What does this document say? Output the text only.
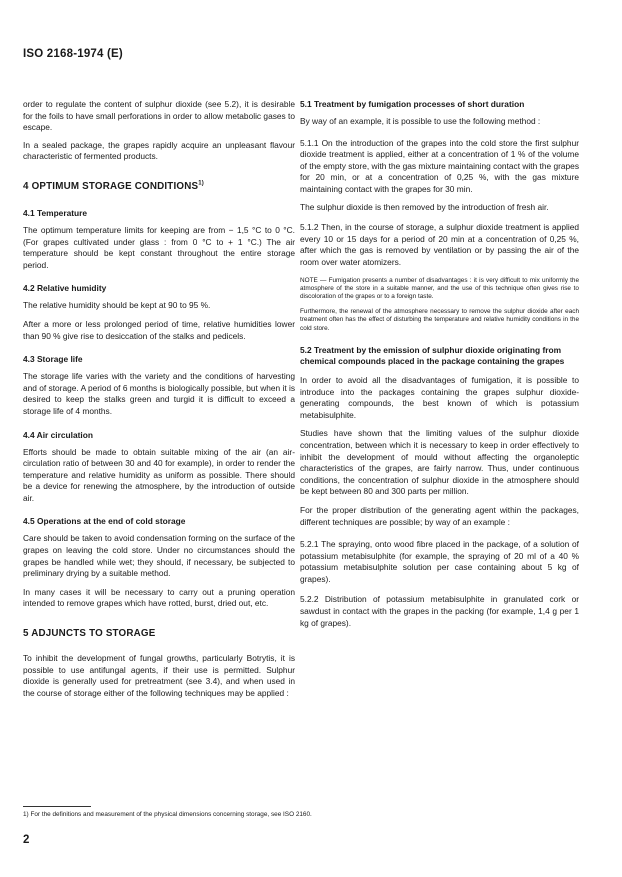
ISO 2168-1974 (E)

order to regulate the content of sulphur dioxide (see 5.2), it is desirable for the foils to have small perforations in order to allow metabolic gases to escape.

In a sealed package, the grapes rapidly acquire an unpleasant flavour characteristic of fermented products.

4 OPTIMUM STORAGE CONDITIONS$^{1)}$
4.1 Temperature

The optimum temperature limits for keeping are from − 1,5 °C to 0 °C. (For grapes cultivated under glass : from 0 °C to + 1 °C.) The air temperature should be kept constant throughout the entire storage period.

4.2 Relative humidity

The relative humidity should be kept at 90 to 95 %.

After a more or less prolonged period of time, relative humidities lower than 90 % give rise to desiccation of the stalks and pedicels.

4.3 Storage life

The storage life varies with the variety and the conditions of harvesting and of storage. A period of 6 months is biologically possible, but when it is desired to keep the stalks green and turgid it is difficult to exceed a storage life of 4 months.

4.4 Air circulation

Efforts should be made to obtain suitable mixing of the air (an air-circulation ratio of between 30 and 40 for example), in order to render the temperature and relative humidity as uniform as possible. There should be a device for renewing the atmosphere, by the introduction of outside air.

4.5 Operations at the end of cold storage

Care should be taken to avoid condensation forming on the surface of the grapes on leaving the cold store. Under no circumstances should the grapes be handled while wet; they should, if necessary, be subjected to preliminary drying by a suitable method.

In many cases it will be necessary to carry out a pruning operation intended to remove grapes which have rotted, burst, dried out, etc.

5 ADJUNCTS TO STORAGE

To inhibit the development of fungal growths, particularly Botrytis, it is possible to use antifungal agents, if their use is permitted. Sulphur dioxide is generally used for pretreatment (see 3.4), and when used in the course of storage either of the following techniques may be applied :

5.1 Treatment by fumigation processes of short duration

By way of an example, it is possible to use the following method :

5.1.1 On the introduction of the grapes into the cold store the first sulphur dioxide treatment is applied, either at a concentration of 1 % of the volume of the empty store, with the gas mixture maintaining contact with the grapes for 20 min, or at a concentration of 0,25 %, with the gas mixture maintaining contact with the grapes for 30 min.

The sulphur dioxide is then removed by the introduction of fresh air.

5.1.2 Then, in the course of storage, a sulphur dioxide treatment is applied every 10 or 15 days for a period of 20 min at a concentration of 0,25 %, after which the gas is removed by ventilation or by passing the air of the room over water atomizers.

NOTE — Fumigation presents a number of disadvantages : it is very difficult to mix uniformly the atmosphere of the store in a suitable manner, and the use of this technique often gives rise to discoloration of the grapes or to a foreign taste.

Furthermore, the renewal of the atmosphere necessary to remove the sulphur dioxide after each treatment often has the effect of disturbing the temperature and relative humidity conditions in the cold store.

5.2 Treatment by the emission of sulphur dioxide originating from chemical compounds placed in the package containing the grapes

In order to avoid all the disadvantages of fumigation, it is possible to introduce into the packages containing the grapes sulphur dioxide-generating compounds, the best known of which is potassium metabisulphite.

Studies have shown that the limiting values of the sulphur dioxide concentration, between which it is necessary to keep in order effectively to inhibit the development of mould without affecting the organoleptic characteristics of the grapes, are fairly narrow. Thus, under continuous conditions, the concentration of sulphur dioxide in the atmosphere should be kept between 80 and 300 parts per million.

For the proper distribution of the generating agent within the packages, different techniques are possible; by way of an example :

5.2.1 The spraying, onto wood fibre placed in the package, of a solution of potassium metabisulphite (for example, the spraying of 20 ml of a 40 % potassium metabisulphite solution per case containing about 5 kg of grapes).

5.2.2 Distribution of potassium metabisulphite in granulated cork or sawdust in contact with the grapes in the packing (for example, 1,4 g per 1 kg of grapes).

1) For the definitions and measurement of the physical dimensions concerning storage, see ISO 2160.
2
